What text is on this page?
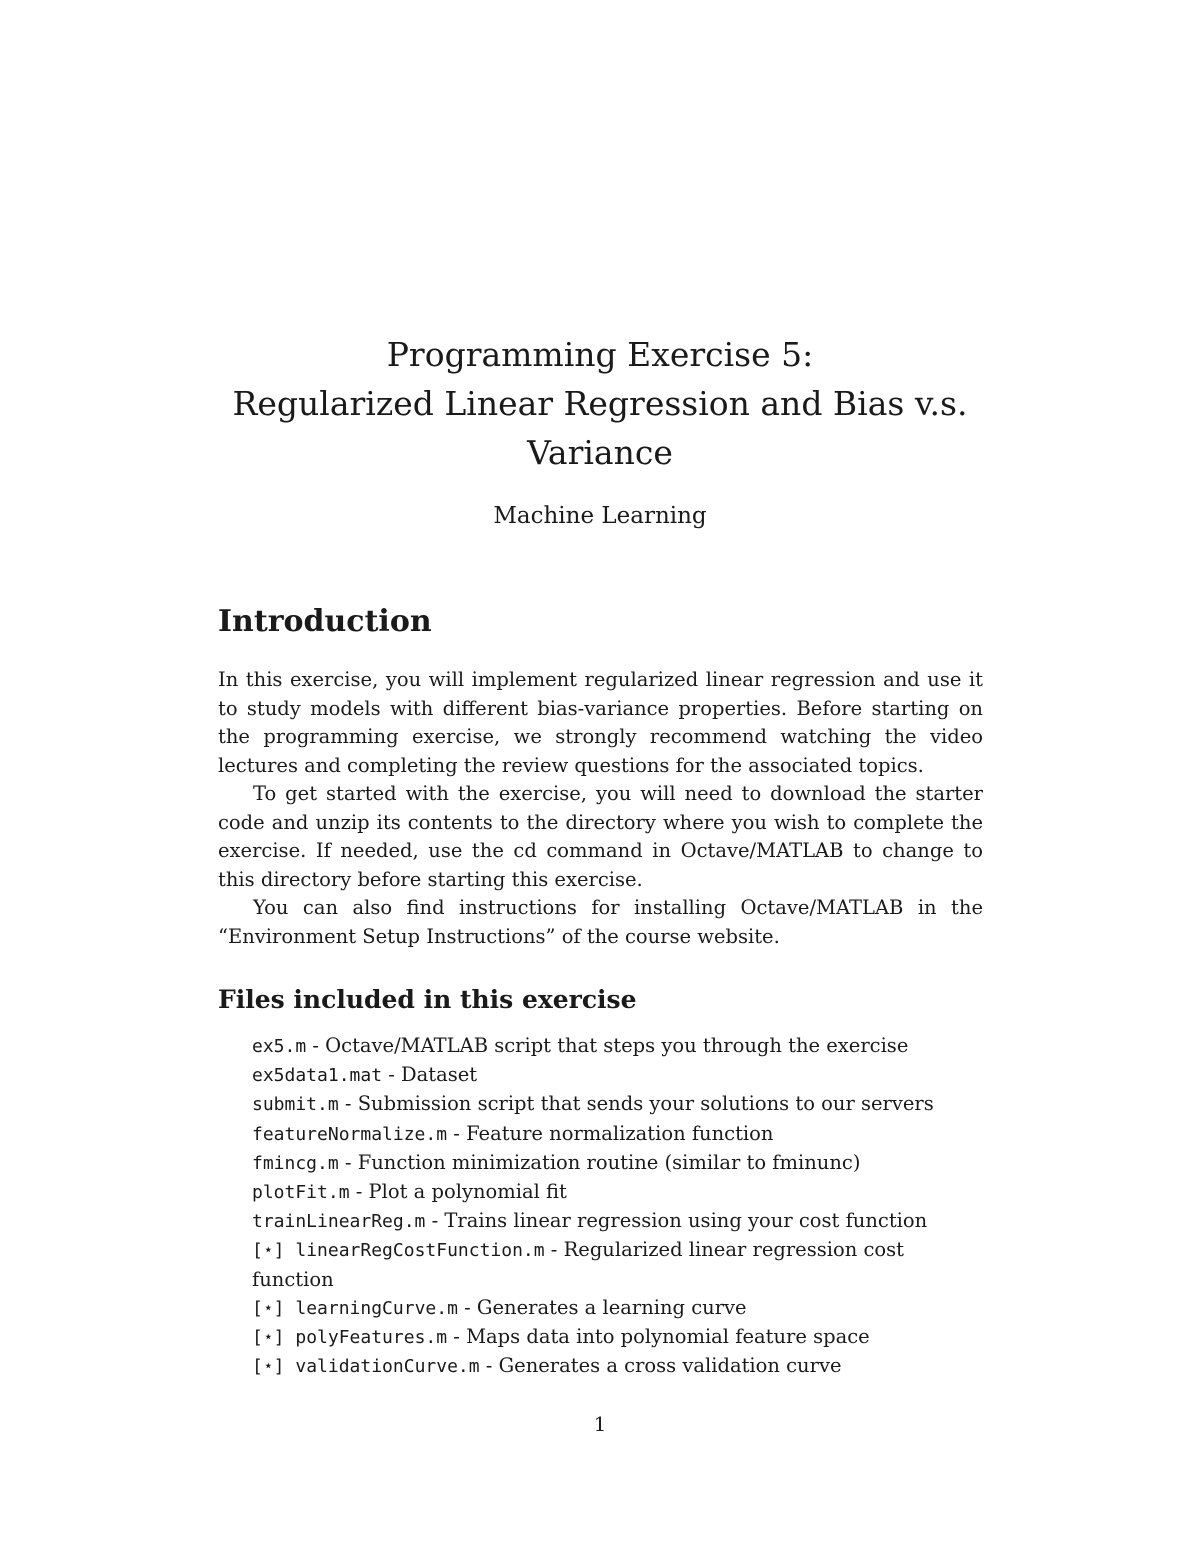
Programming Exercise 5:
Regularized Linear Regression and Bias v.s.
Variance
Machine Learning
Introduction

In this exercise, you will implement regularized linear regression and use it to study models with different bias-variance properties. Before starting on the programming exercise, we strongly recommend watching the video lectures and completing the review questions for the associated topics.

To get started with the exercise, you will need to download the starter code and unzip its contents to the directory where you wish to complete the exercise. If needed, use the cd command in Octave/MATLAB to change to this directory before starting this exercise.

You can also find instructions for installing Octave/MATLAB in the “Environment Setup Instructions” of the course website.

Files included in this exercise
ex5.m - Octave/MATLAB script that steps you through the exercise
ex5data1.mat - Dataset
submit.m - Submission script that sends your solutions to our servers
featureNormalize.m - Feature normalization function
fmincg.m - Function minimization routine (similar to fminunc)
plotFit.m - Plot a polynomial fit
trainLinearReg.m - Trains linear regression using your cost function
[⋆] linearRegCostFunction.m - Regularized linear regression cost function
[⋆] learningCurve.m - Generates a learning curve
[⋆] polyFeatures.m - Maps data into polynomial feature space
[⋆] validationCurve.m - Generates a cross validation curve
1
